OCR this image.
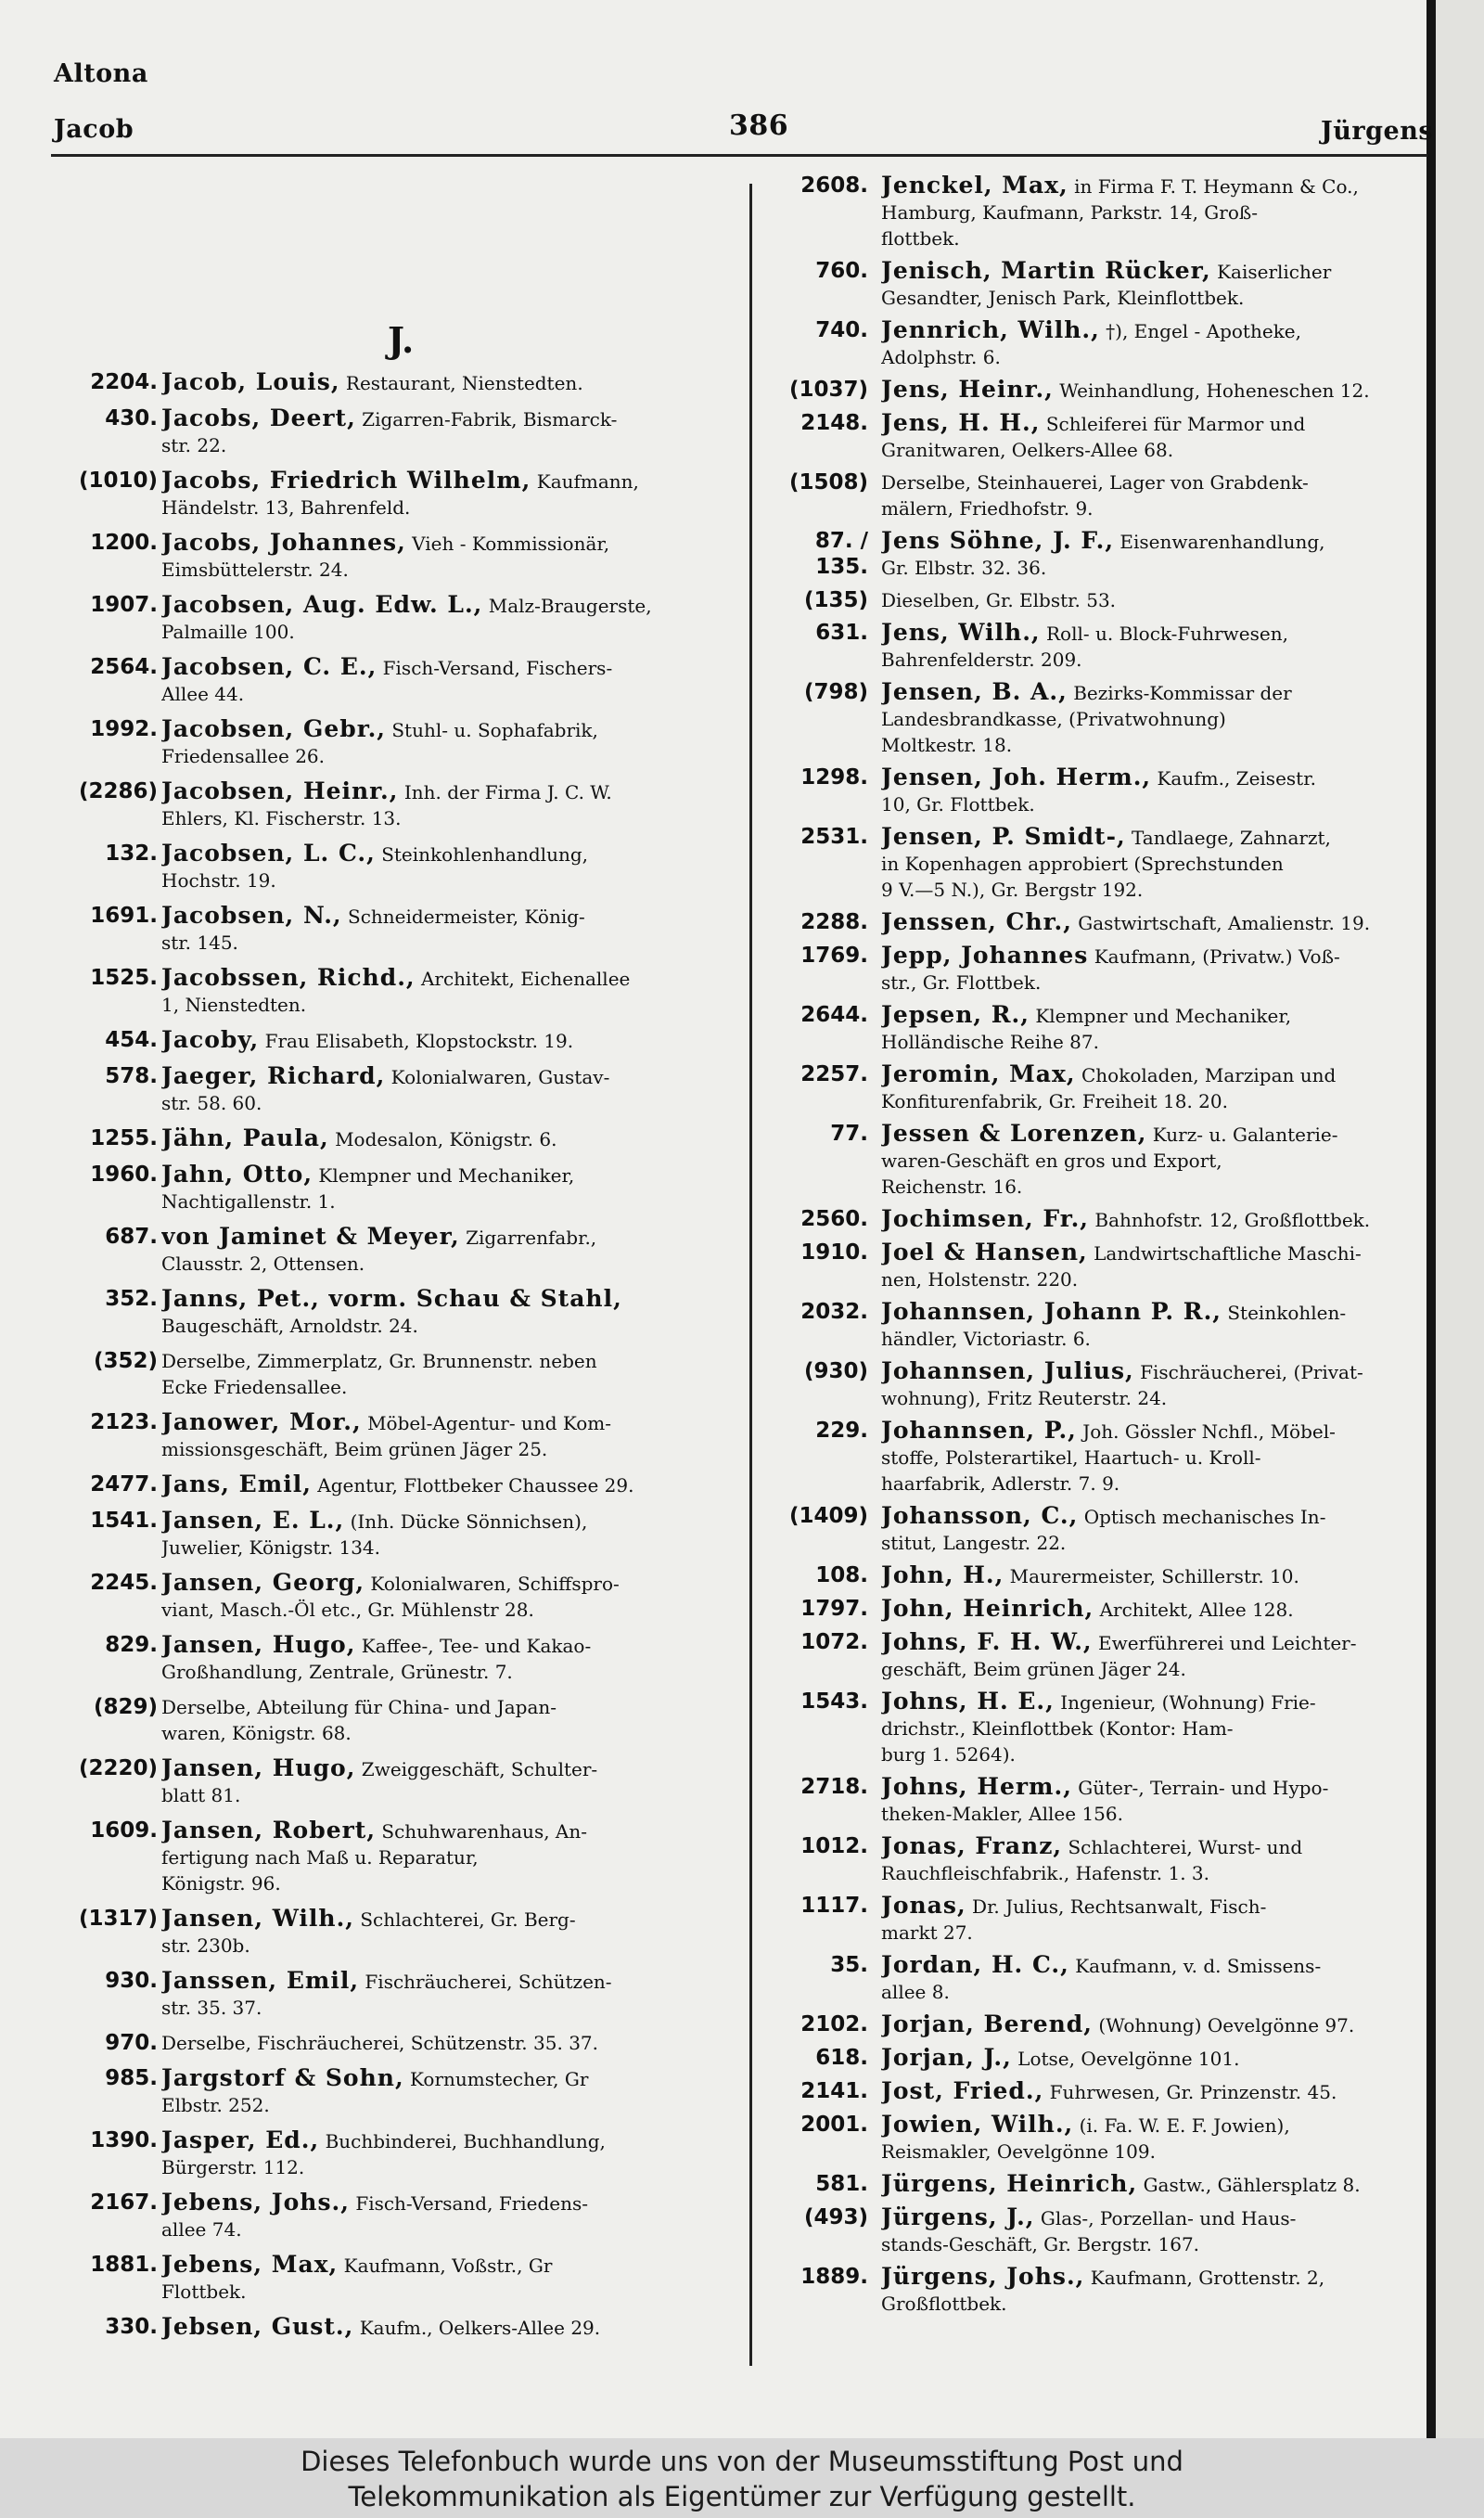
Altona
Jacob	386	Jürgens
J.
2204. Jacob, Louis, Restaurant, Nienstedten.
430. Jacobs, Deert, Zigarren-Fabrik, Bismarck-
str. 22.
(1010) Jacobs, Friedrich Wilhelm, Kaufmann,
Händelstr. 13, Bahrenfeld.
1200. Jacobs, Johannes, Vieh - Kommissionär,
Eimsbüttelerstr. 24.
1907. Jacobsen, Aug. Edw. L., Malz-Braugerste,
Palmaille 100.
2564. Jacobsen, C. E., Fisch-Versand, Fischers-
Allee 44.
1992. Jacobsen, Gebr., Stuhl- u. Sophafabrik,
Friedensallee 26.
(2286) Jacobsen, Heinr., Inh. der Firma J. C. W.
Ehlers, Kl. Fischerstr. 13.
132. Jacobsen, L. C., Steinkohlenhandlung,
Hochstr. 19.
1691. Jacobsen, N., Schneidermeister, König-
str. 145.
1525. Jacobssen, Richd., Architekt, Eichenallee
1, Nienstedten.
454. Jacoby, Frau Elisabeth, Klopstockstr. 19.
578. Jaeger, Richard, Kolonialwaren, Gustav-
str. 58. 60.
1255. Jähn, Paula, Modesalon, Königstr. 6.
1960. Jahn, Otto, Klempner und Mechaniker,
Nachtigallenstr. 1.
687. von Jaminet & Meyer, Zigarrenfabr.,
Clausstr. 2, Ottensen.
352. Janns, Pet., vorm. Schau & Stahl,
Baugeschäft, Arnoldstr. 24.
(352) Derselbe, Zimmerplatz, Gr. Brunnenstr. neben
Ecke Friedensallee.
2123. Janower, Mor., Möbel-Agentur- und Kom-
missionsgeschäft, Beim grünen Jäger 25.
2477. Jans, Emil, Agentur, Flottbeker Chaussee 29.
1541. Jansen, E. L., (Inh. Dücke Sönnichsen),
Juwelier, Königstr. 134.
2245. Jansen, Georg, Kolonialwaren, Schiffspro-
viant, Masch.-Öl etc., Gr. Mühlenstr 28.
829. Jansen, Hugo, Kaffee-, Tee- und Kakao-
Großhandlung, Zentrale, Grünestr. 7.
(829) Derselbe, Abteilung für China- und Japan-
waren, Königstr. 68.
(2220) Jansen, Hugo, Zweiggeschäft, Schulter-
blatt 81.
1609. Jansen, Robert, Schuhwarenhaus, An-
fertigung nach Maß u. Reparatur,
Königstr. 96.
(1317) Jansen, Wilh., Schlachterei, Gr. Berg-
str. 230b.
930. Janssen, Emil, Fischräucherei, Schützen-
str. 35. 37.
970. Derselbe, Fischräucherei, Schützenstr. 35. 37.
985. Jargstorf & Sohn, Kornumstecher, Gr
Elbstr. 252.
1390. Jasper, Ed., Buchbinderei, Buchhandlung,
Bürgerstr. 112.
2167. Jebens, Johs., Fisch-Versand, Friedens-
allee 74.
1881. Jebens, Max, Kaufmann, Voßstr., Gr
Flottbek.
330. Jebsen, Gust., Kaufm., Oelkers-Allee 29.
2608. Jenckel, Max, in Firma F. T. Heymann & Co.,
Hamburg, Kaufmann, Parkstr. 14, Groß-
flottbek.
760. Jenisch, Martin Rücker, Kaiserlicher
Gesandter, Jenisch Park, Kleinflottbek.
740. Jennrich, Wilh., †), Engel - Apotheke,
Adolphstr. 6.
(1037) Jens, Heinr., Weinhandlung, Hoheneschen 12.
2148. Jens, H. H., Schleiferei für Marmor und
Granitwaren, Oelkers-Allee 68.
(1508) Derselbe, Steinhauerei, Lager von Grabdenk-
mälern, Friedhofstr. 9.
87. / 135.
Jens Söhne, J. F., Eisenwarenhandlung,
Gr. Elbstr. 32. 36.
(135) Dieselben, Gr. Elbstr. 53.
631. Jens, Wilh., Roll- u. Block-Fuhrwesen,
Bahrenfelderstr. 209.
(798) Jensen, B. A., Bezirks-Kommissar der
Landesbrandkasse, (Privatwohnung)
Moltkestr. 18.
1298. Jensen, Joh. Herm., Kaufm., Zeisestr.
10, Gr. Flottbek.
2531. Jensen, P. Smidt-, Tandlaege, Zahnarzt,
in Kopenhagen approbiert (Sprechstunden
9 V.—5 N.), Gr. Bergstr 192.
2288. Jenssen, Chr., Gastwirtschaft, Amalienstr. 19.
1769. Jepp, Johannes Kaufmann, (Privatw.) Voß-
str., Gr. Flottbek.
2644. Jepsen, R., Klempner und Mechaniker,
Holländische Reihe 87.
2257. Jeromin, Max, Chokoladen, Marzipan und
Konfiturenfabrik, Gr. Freiheit 18. 20.
77. Jessen & Lorenzen, Kurz- u. Galanterie-
waren-Geschäft en gros und Export,
Reichenstr. 16.
2560. Jochimsen, Fr., Bahnhofstr. 12, Großflottbek.
1910. Joel & Hansen, Landwirtschaftliche Maschi-
nen, Holstenstr. 220.
2032. Johannsen, Johann P. R., Steinkohlen-
händler, Victoriastr. 6.
(930) Johannsen, Julius, Fischräucherei, (Privat-
wohnung), Fritz Reuterstr. 24.
229. Johannsen, P., Joh. Gössler Nchfl., Möbel-
stoffe, Polsterartikel, Haartuch- u. Kroll-
haarfabrik, Adlerstr. 7. 9.
(1409) Johansson, C., Optisch mechanisches In-
stitut, Langestr. 22.
108. John, H., Maurermeister, Schillerstr. 10.
1797. John, Heinrich, Architekt, Allee 128.
1072. Johns, F. H. W., Ewerführerei und Leichter-
geschäft, Beim grünen Jäger 24.
1543. Johns, H. E., Ingenieur, (Wohnung) Frie-
drichstr., Kleinflottbek (Kontor: Ham-
burg 1. 5264).
2718. Johns, Herm., Güter-, Terrain- und Hypo-
theken-Makler, Allee 156.
1012. Jonas, Franz, Schlachterei, Wurst- und
Rauchfleischfabrik., Hafenstr. 1. 3.
1117. Jonas, Dr. Julius, Rechtsanwalt, Fisch-
markt 27.
35. Jordan, H. C., Kaufmann, v. d. Smissens-
allee 8.
2102. Jorjan, Berend, (Wohnung) Oevelgönne 97.
618. Jorjan, J., Lotse, Oevelgönne 101.
2141. Jost, Fried., Fuhrwesen, Gr. Prinzenstr. 45.
2001. Jowien, Wilh., (i. Fa. W. E. F. Jowien),
Reismakler, Oevelgönne 109.
581. Jürgens, Heinrich, Gastw., Gählersplatz 8.
(493) Jürgens, J., Glas-, Porzellan- und Haus-
stands-Geschäft, Gr. Bergstr. 167.
1889. Jürgens, Johs., Kaufmann, Grottenstr. 2,
Großflottbek.
Dieses Telefonbuch wurde uns von der Museumsstiftung Post und
Telekommunikation als Eigentümer zur Verfügung gestellt.
